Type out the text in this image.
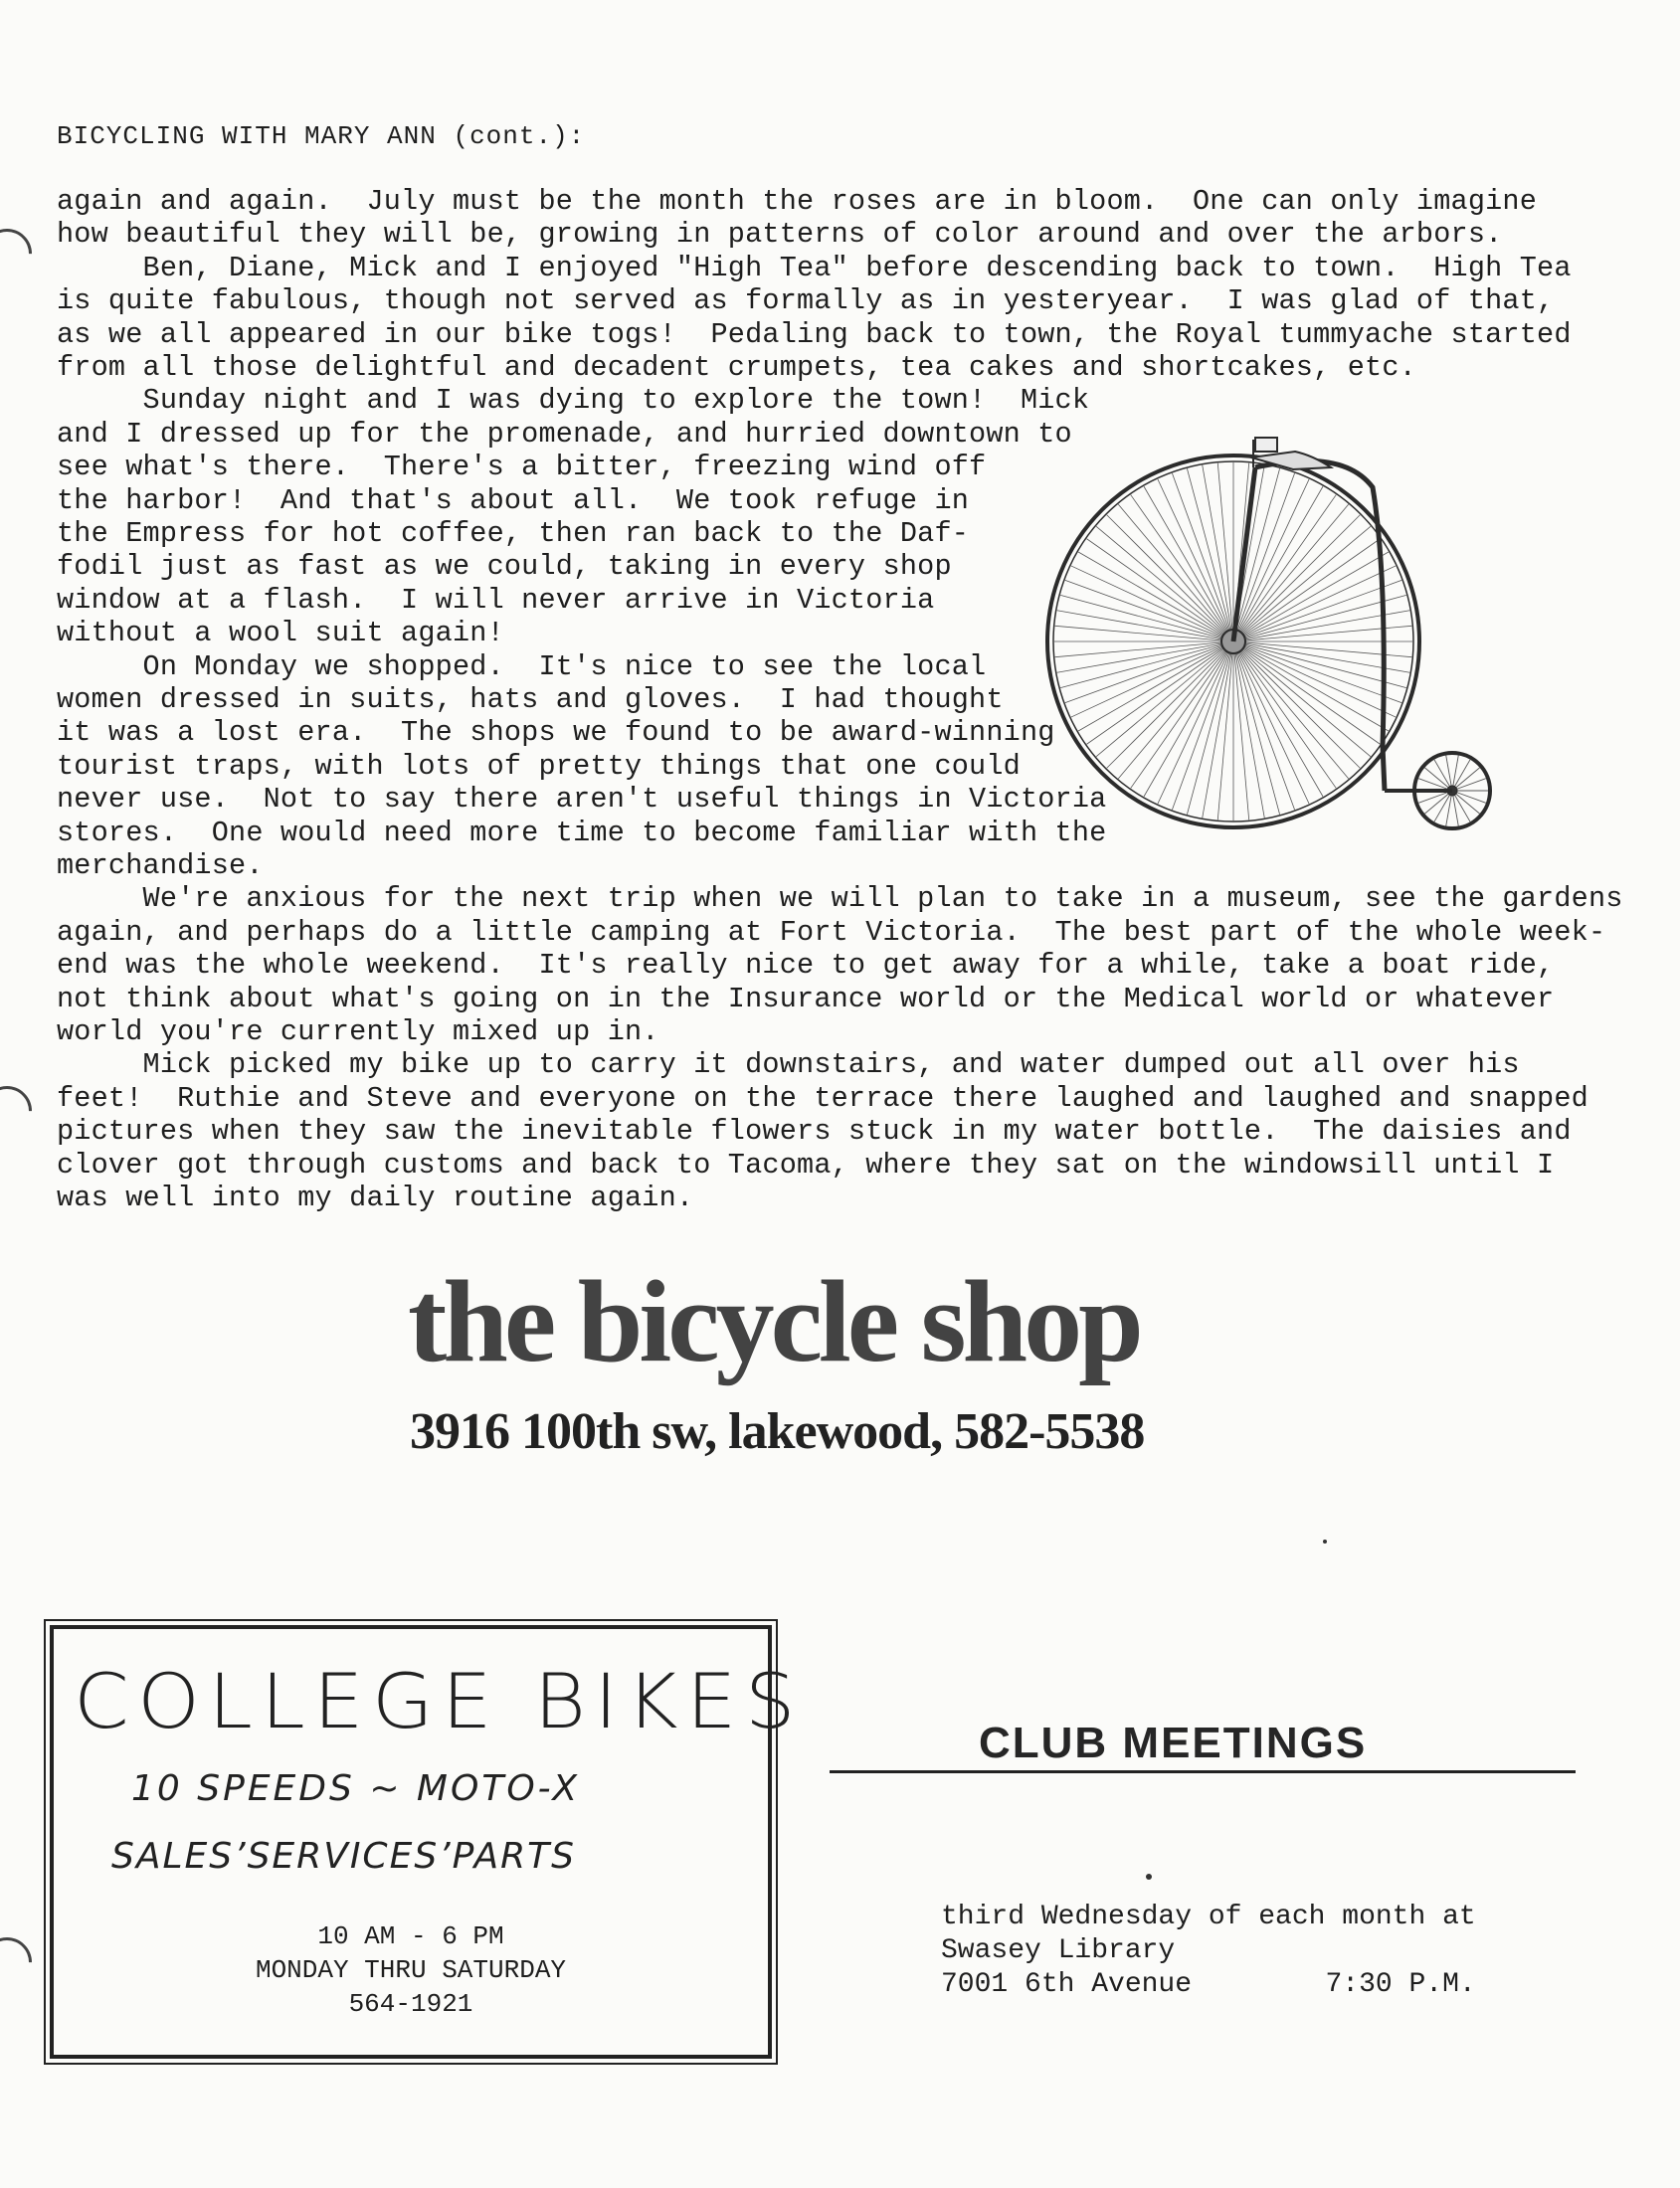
BICYCLING WITH MARY ANN (cont.):
again and again.  July must be the month the roses are in bloom.  One can only imagine
how beautiful they will be, growing in patterns of color around and over the arbors.
Ben, Diane, Mick and I enjoyed "High Tea" before descending back to town.  High Tea
is quite fabulous, though not served as formally as in yesteryear.  I was glad of that,
as we all appeared in our bike togs!  Pedaling back to town, the Royal tummyache started
from all those delightful and decadent crumpets, tea cakes and shortcakes, etc.
Sunday night and I was dying to explore the town!  Mick
and I dressed up for the promenade, and hurried downtown to
see what's there.  There's a bitter, freezing wind off
the harbor!  And that's about all.  We took refuge in
the Empress for hot coffee, then ran back to the Daf-
fodil just as fast as we could, taking in every shop
window at a flash.  I will never arrive in Victoria
without a wool suit again!
On Monday we shopped.  It's nice to see the local
women dressed in suits, hats and gloves.  I had thought
it was a lost era.  The shops we found to be award-winning
tourist traps, with lots of pretty things that one could
never use.  Not to say there aren't useful things in Victoria
stores.  One would need more time to become familiar with the
merchandise.
We're anxious for the next trip when we will plan to take in a museum, see the gardens
again, and perhaps do a little camping at Fort Victoria.  The best part of the whole week-
end was the whole weekend.  It's really nice to get away for a while, take a boat ride,
not think about what's going on in the Insurance world or the Medical world or whatever
world you're currently mixed up in.
Mick picked my bike up to carry it downstairs, and water dumped out all over his
feet!  Ruthie and Steve and everyone on the terrace there laughed and laughed and snapped
pictures when they saw the inevitable flowers stuck in my water bottle.  The daisies and
clover got through customs and back to Tacoma, where they sat on the windowsill until I
was well into my daily routine again.
the bicycle shop
3916 100th sw, lakewood, 582-5538
COLLEGE BIKES
10 SPEEDS ~ MOTO-X
SALES’SERVICES’PARTS
10 AM - 6 PM
MONDAY THRU SATURDAY
564-1921
CLUB MEETINGS
third Wednesday of each month at
Swasey Library
7001 6th Avenue        7:30 P.M.
